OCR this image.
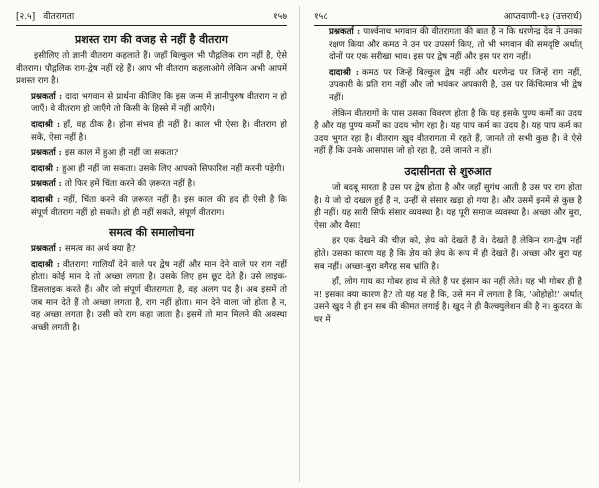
[२.५] वीतरागता	१५७
प्रशस्त राग की वजह से नहीं है वीतराग

इसीलिए तो ज्ञानी वीतराग कहलाते हैं। जहाँ बिल्कुल भी पौद्गलिक राग नहीं है, ऐसे वीतराग। पौद्गलिक राग-द्वेष नहीं रहे हैं। आप भी वीतराग कहलाओगे लेकिन अभी आपमें प्रशस्त राग है।

प्रश्नकर्ता : दादा भगवान से प्रार्थना कीजिए कि इस जन्म में ज्ञानीपुरुष वीतराग न हो जाएँ। वे वीतराग हो जाएँगे तो किसी के हिस्से में नहीं आएँगे।

दादाश्री : हाँ, वह ठीक है। होना संभव ही नहीं है। काल भी ऐसा है। वीतराग हो सकें, ऐसा नहीं है।

प्रश्नकर्ता : इस काल में हुआ ही नहीं जा सकता?

दादाश्री : हुआ ही नहीं जा सकता। उसके लिए आपको सिफारिश नहीं करनी पड़ेगी।

प्रश्नकर्ता : तो फिर हमें चिंता करने की ज़रूरत नहीं है।

दादाश्री : नहीं, चिंता करने की ज़रूरत नहीं है। इस काल की हद ही ऐसी है कि संपूर्ण वीतराग नहीं हो सकते। हो ही नहीं सकते, संपूर्ण वीतराग।

समत्व की समालोचना

प्रश्नकर्ता : समत्व का अर्थ क्या है?

दादाश्री : वीतराग! गालियाँ देने वाले पर द्वेष नहीं और मान देने वाले पर राग नहीं होता। कोई मान दे तो अच्छा लगता है। उसके लिए हम छूट देते हैं। उसे लाइक-डिसलाइक करते हैं। और जो संपूर्ण वीतरागता है, वह अलग पद है। अब इसमें तो जब मान देते हैं तो अच्छा लगता है, राग नहीं होता। मान देने वाला जो होता है न, वह अच्छा लगता है। उसी को राग कहा जाता है। इसमें तो मान मिलने की अवस्था अच्छी लगती है।

१५८	आप्तवाणी-१३ (उत्तरार्ध)

प्रश्नकर्ता : पार्श्वनाथ भगवान की वीतरागता की बात है न कि धरणेन्द्र देव ने उनका रक्षण किया और कमठ ने उन पर उपसर्ग किए, तो भी भगवान की समदृष्टि अर्थात् दोनों पर एक सरीखा भाव। इस पर द्वेष नहीं और इस पर राग नहीं।

दादाश्री : कमठ पर जिन्हें बिल्कुल द्वेष नहीं और धरणेन्द्र पर जिन्हें राग नहीं, उपकारी के प्रति राग नहीं और जो भयंकर अपकारी है, उस पर किंचित्मात्र भी द्वेष नहीं।

लेकिन वीतरागों के पास उसका विवरण होता है कि यह इसके पुण्य कर्मों का उदय है और यह पुण्य कर्मों का उदय भोग रहा है। यह पाप कर्म का उदय है। यह पाप कर्म का उदय भुगत रहा है। वीतराग खुद वीतरागता में रहते हैं, जानते तो सभी कुछ हैं। वे ऐसे नहीं हैं कि उनके आसपास जो हो रहा है, उसे जानते न हों।

उदासीनता से शुरुआत

जो बदबू मारता है उस पर द्वेष होता है और जहाँ सुगंध आती है उस पर राग होता है। ये जो दो दखल हुई हैं न, उन्हीं से संसार खड़ा हो गया है। और उसमें इनमें से कुछ है ही नहीं। यह सारी सिर्फ संसार व्यवस्था है। यह पूरी समाज व्यवस्था है। अच्छा और बुरा, ऐसा और वैसा!

हर एक देखने की चीज़ को, ज्ञेय को देखते हैं वे। देखते हैं लेकिन राग-द्वेष नहीं होते। उसका कारण यह है कि ज्ञेय को ज्ञेय के रूप में ही देखते हैं। अच्छा और बुरा यह सब नहीं। अच्छा-बुरा वगैरह सब भ्रांति है।

हाँ, लोग गाय का गोबर हाथ में लेते हैं पर इंसान का नहीं लेते। यह भी गोबर ही है न! इसका क्या कारण है? तो यह यह है कि, उसे मन में लगता है कि, 'ओहोहो!' अर्थात् उसने खुद ने ही इन सब की कीमत लगाई है। खुद ने ही कैल्क्युलेशन की है न। कुदरत के घर में
